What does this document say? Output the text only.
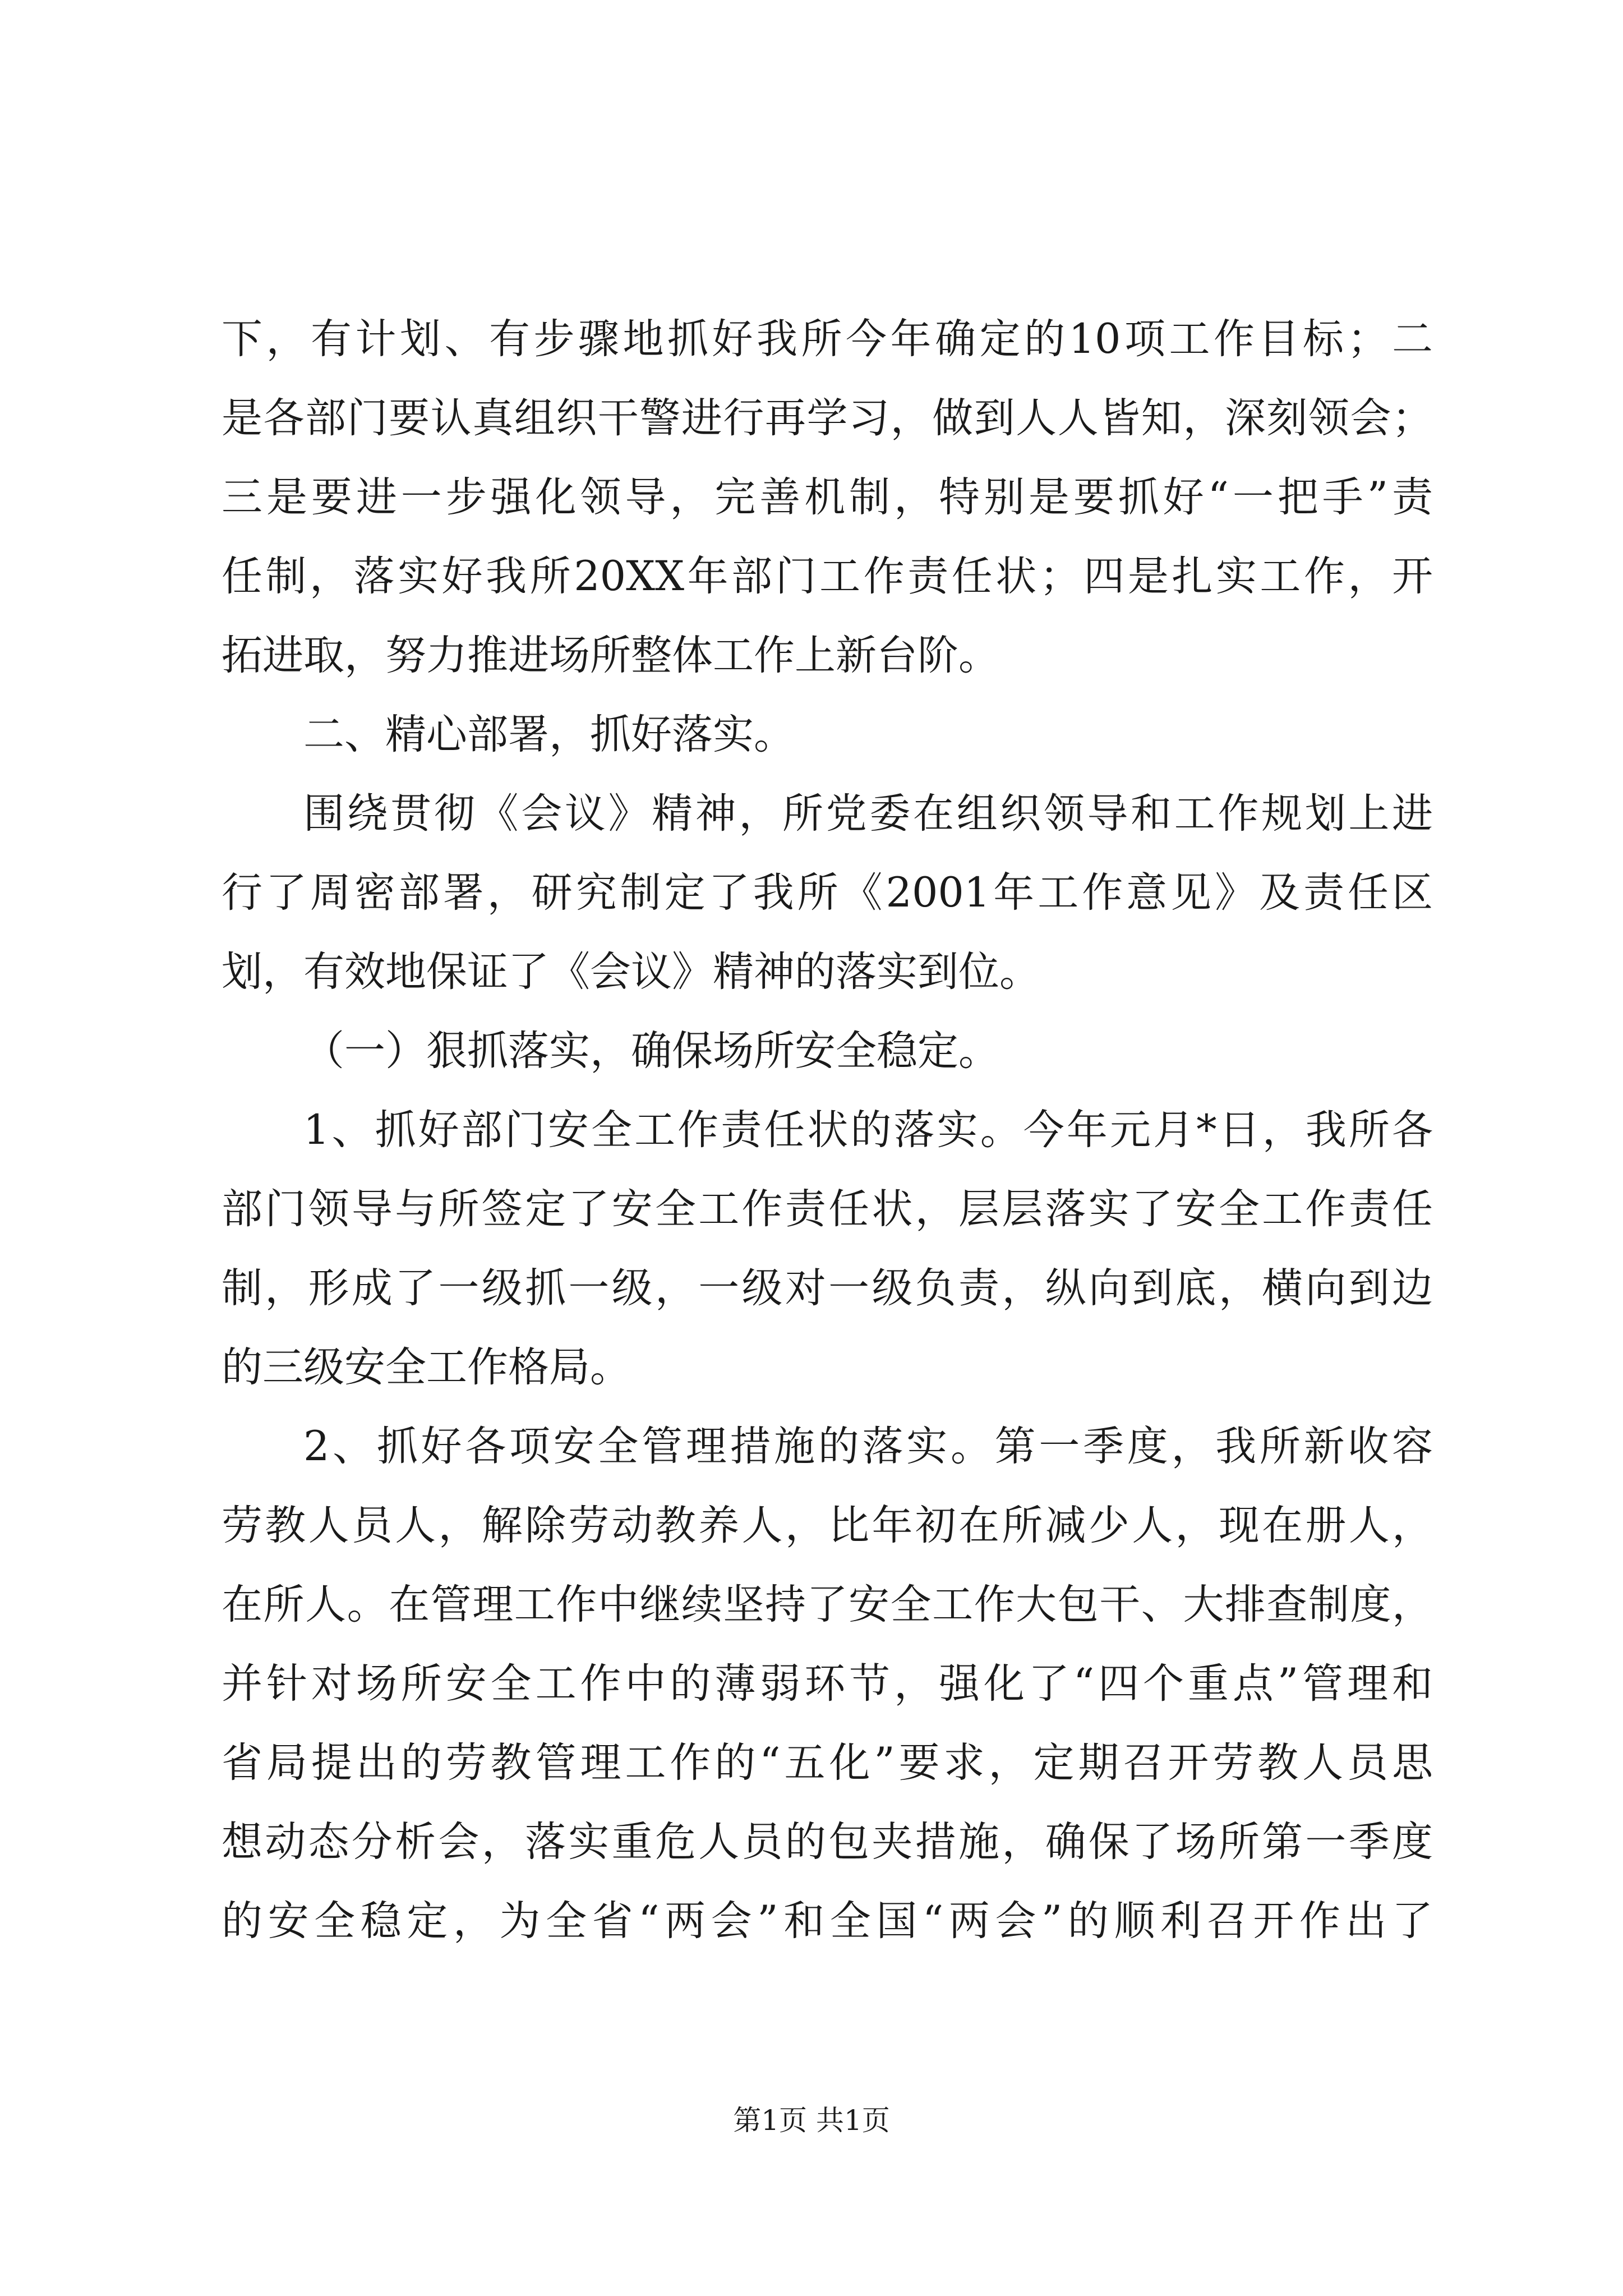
下，有计划、有步骤地抓好我所今年确定的10项工作目标；二
是各部门要认真组织干警进行再学习，做到人人皆知，深刻领会；
三是要进一步强化领导，完善机制，特别是要抓好“一把手”责
任制，落实好我所20XX年部门工作责任状；四是扎实工作，开
拓进取，努力推进场所整体工作上新台阶。
二、精心部署，抓好落实。
围绕贯彻《会议》精神，所党委在组织领导和工作规划上进
行了周密部署，研究制定了我所《2001年工作意见》及责任区
划，有效地保证了《会议》精神的落实到位。
（一）狠抓落实，确保场所安全稳定。
1、抓好部门安全工作责任状的落实。今年元月*日，我所各
部门领导与所签定了安全工作责任状，层层落实了安全工作责任
制，形成了一级抓一级，一级对一级负责，纵向到底，横向到边
的三级安全工作格局。
2、抓好各项安全管理措施的落实。第一季度，我所新收容
劳教人员人，解除劳动教养人，比年初在所减少人，现在册人，
在所人。在管理工作中继续坚持了安全工作大包干、大排查制度，
并针对场所安全工作中的薄弱环节，强化了“四个重点”管理和
省局提出的劳教管理工作的“五化”要求，定期召开劳教人员思
想动态分析会，落实重危人员的包夹措施，确保了场所第一季度
的安全稳定，为全省“两会”和全国“两会”的顺利召开作出了
第1页 共1页
